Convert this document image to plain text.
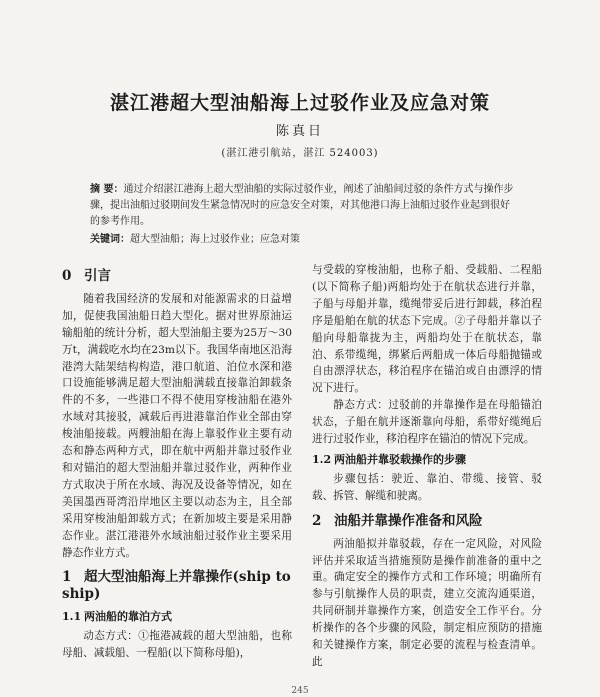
湛江港超大型油船海上过驳作业及应急对策
陈真日
(湛江港引航站，湛江 524003)
摘 要：通过介绍湛江港海上超大型油船的实际过驳作业，阐述了油船间过驳的条件方式与操作步骤，提出油船过驳期间发生紧急情况时的应急安全对策，对其他港口海上油船过驳作业起到很好的参考作用。
关键词：超大型油船；海上过驳作业；应急对策
0 引言

随着我国经济的发展和对能源需求的日益增加，促使我国油船日趋大型化。据对世界原油运输船舶的统计分析，超大型油船主要为25万～30万t，满载吃水均在23m以下。我国华南地区沿海港湾大陆架结构构造，港口航道、泊位水深和港口设施能够满足超大型油船满载直接靠泊卸载条件的不多，一些港口不得不使用穿梭油船在港外水域对其接驳，减载后再进港靠泊作业全部由穿梭油船接载。两艘油船在海上靠驳作业主要有动态和静态两种方式，即在航中两船并靠过驳作业和对锚泊的超大型油船并靠过驳作业，两种作业方式取决于所在水域、海况及设备等情况，如在美国墨西哥湾沿岸地区主要以动态为主，且全部采用穿梭油船卸载方式；在新加坡主要是采用静态作业。湛江港港外水域油船过驳作业主要采用静态作业方式。

1 超大型油船海上并靠操作(ship to ship)
1.1 两油船的靠泊方式

动态方式：①拖港减载的超大型油船，也称母船、减载船、一程船(以下简称母船)，

与受载的穿梭油船，也称子船、受载船、二程船(以下简称子船)两船均处于在航状态进行并靠，子船与母船并靠，缆绳带妥后进行卸载，移泊程序是船舶在航的状态下完成。②子母船并靠以子船向母船靠拢为主，两船均处于在航状态，靠泊、系带缆绳，绑紧后两船成一体后母船抛锚或自由漂浮状态，移泊程序在锚泊或自由漂浮的情况下进行。

静态方式：过驳前的并靠操作是在母船锚泊状态，子船在航并逐渐靠向母船，系带好缆绳后进行过驳作业，移泊程序在锚泊的情况下完成。

1.2 两油船并靠驳载操作的步骤

步骤包括：驶近、靠泊、带缆、接管、驳载、拆管、解缆和驶离。

2 油船并靠操作准备和风险

两油船拟并靠驳载，存在一定风险，对风险评估并采取适当措施预防是操作前准备的重中之重。确定安全的操作方式和工作环境；明确所有参与引航操作人员的职责，建立交流沟通渠道，共同研制并靠操作方案，创造安全工作平台。分析操作的各个步骤的风险，制定相应预防的措施和关键操作方案，制定必要的流程与检查清单。此

245
